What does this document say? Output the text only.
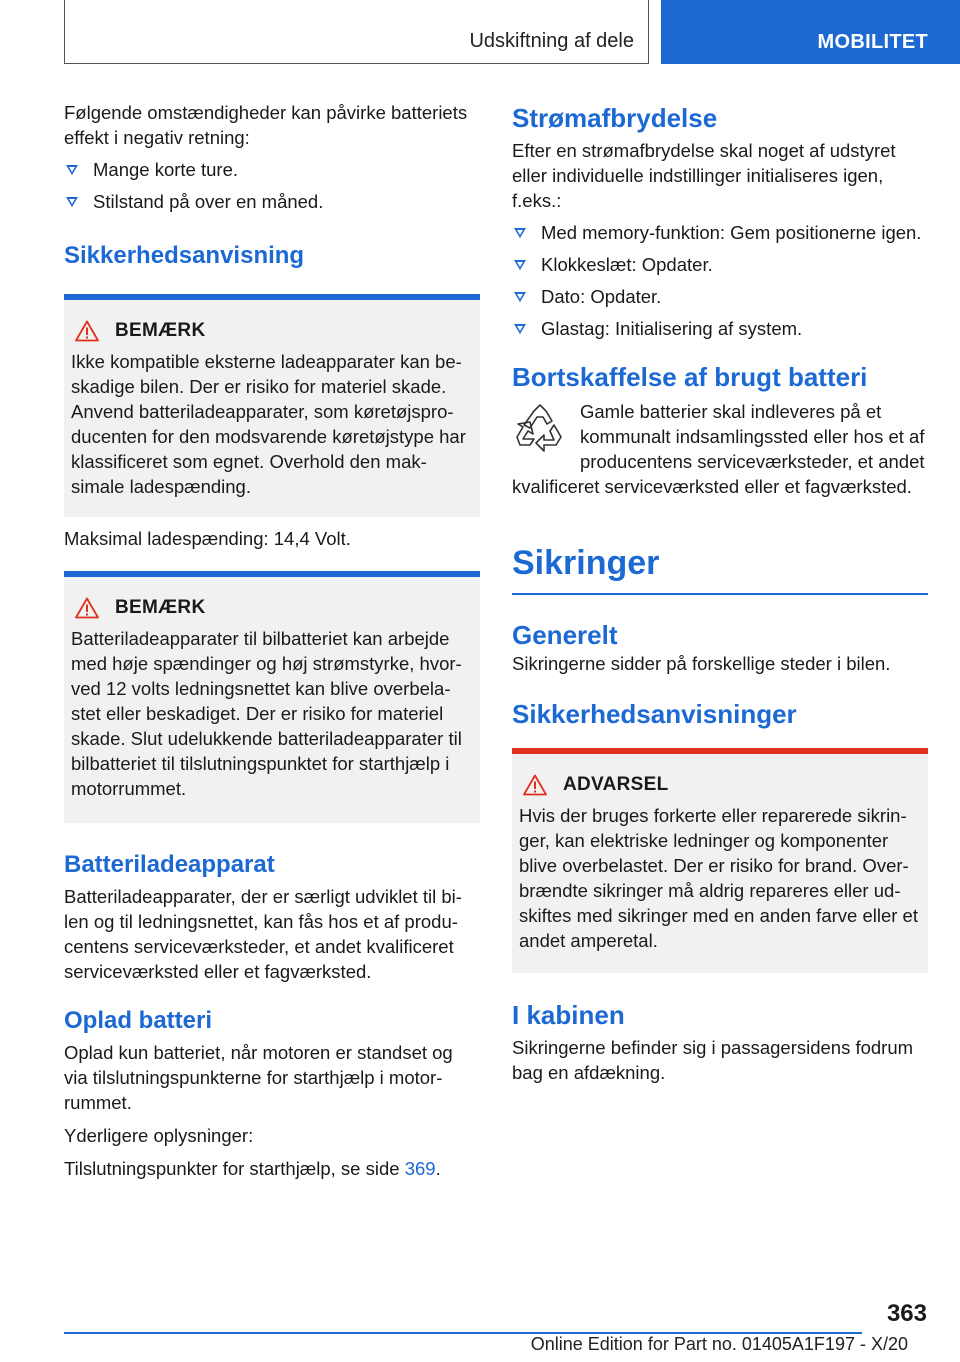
Udskiftning af dele	MOBILITET

Følgende omstændigheder kan påvirke batteriets effekt i negativ retning:

Mange korte ture.
Stilstand på over en måned.
Sikkerhedsanvisning
BEMÆRK

Ikke kompatible eksterne ladeapparater kan beskadige bilen. Der er risiko for materiel skade. Anvend batteriladeapparater, som køretøjsproducenten for den modsvarende køretøjstype har klassificeret som egnet. Overhold den maksimale ladespænding.

Maksimal ladespænding: 14,4 Volt.

BEMÆRK

Batteriladeapparater til bilbatteriet kan arbejde med høje spændinger og høj strømstyrke, hvorved 12 volts ledningsnettet kan blive overbelastet eller beskadiget. Der er risiko for materiel skade. Slut udelukkende batteriladeapparater til bilbatteriet til tilslutningspunktet for starthjælp i motorrummet.

Batteriladeapparat

Batteriladeapparater, der er særligt udviklet til bilen og til ledningsnettet, kan fås hos et af producentens serviceværksteder, et andet kvalificeret serviceværksted eller et fagværksted.

Oplad batteri

Oplad kun batteriet, når motoren er standset og via tilslutningspunkterne for starthjælp i motorrummet.

Yderligere oplysninger:

Tilslutningspunkter for starthjælp, se side 369.

Strømafbrydelse

Efter en strømafbrydelse skal noget af udstyret eller individuelle indstillinger initialiseres igen, f.eks.:

Med memory-funktion: Gem positionerne igen.
Klokkeslæt: Opdater.
Dato: Opdater.
Glastag: Initialisering af system.
Bortskaffelse af brugt batteri

Gamle batterier skal indleveres på et kommunalt indsamlingssted eller hos et af producentens serviceværksteder, et andet kvalificeret serviceværksted eller et fagværksted.

Sikringer
Generelt

Sikringerne sidder på forskellige steder i bilen.

Sikkerhedsanvisninger
ADVARSEL

Hvis der bruges forkerte eller reparerede sikringer, kan elektriske ledninger og komponenter blive overbelastet. Der er risiko for brand. Overbrændte sikringer må aldrig repareres eller udskiftes med sikringer med en anden farve eller et andet amperetal.

I kabinen

Sikringerne befinder sig i passagersidens fodrum bag en afdækning.

363
Online Edition for Part no. 01405A1F197 - X/20
